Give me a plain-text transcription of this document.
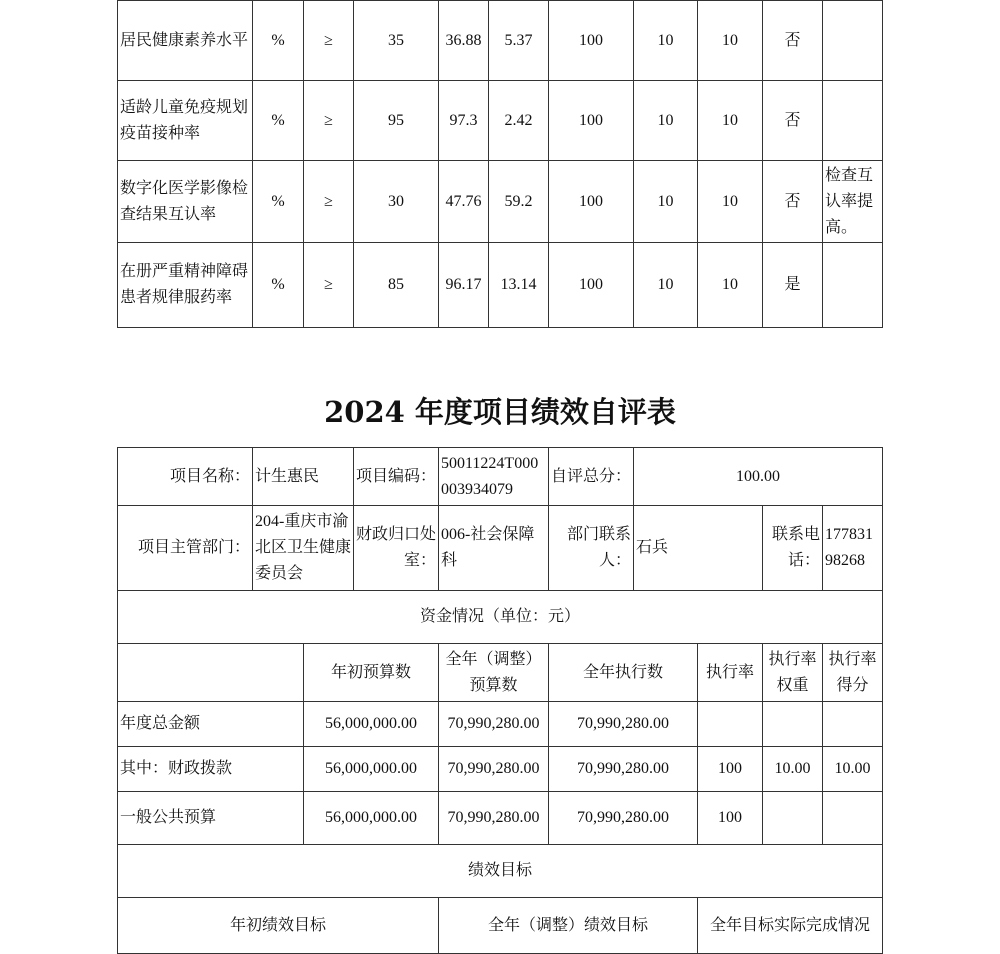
居民健康素养水平	%	≥	35	36.88	5.37	100	10	10	否	
适龄儿童免疫规划疫苗接种率	%	≥	95	97.3	2.42	100	10	10	否	
数字化医学影像检查结果互认率	%	≥	30	47.76	59.2	100	10	10	否	检查互认率提高。
在册严重精神障碍患者规律服药率	%	≥	85	96.17	13.14	100	10	10	是	
2024 年度项目绩效自评表
项目名称：	计生惠民		项目编码：	50011224T000003934079	自评总分：	100.00			
项目主管部门：	204-重庆市渝北区卫生健康委员会		财政归口处室：	006-社会保障科	部门联系人：	石兵		联系电话：	17783198268
资金情况（单位：元）									
		年初预算数		全年（调整）预算数	全年执行数		执行率	执行率权重	执行率得分
年度总金额		56,000,000.00		70,990,280.00	70,990,280.00				
其中：财政拨款		56,000,000.00		70,990,280.00	70,990,280.00		100	10.00	10.00
一般公共预算		56,000,000.00		70,990,280.00	70,990,280.00		100		
绩效目标									
年初绩效目标				全年（调整）绩效目标			全年目标实际完成情况		
